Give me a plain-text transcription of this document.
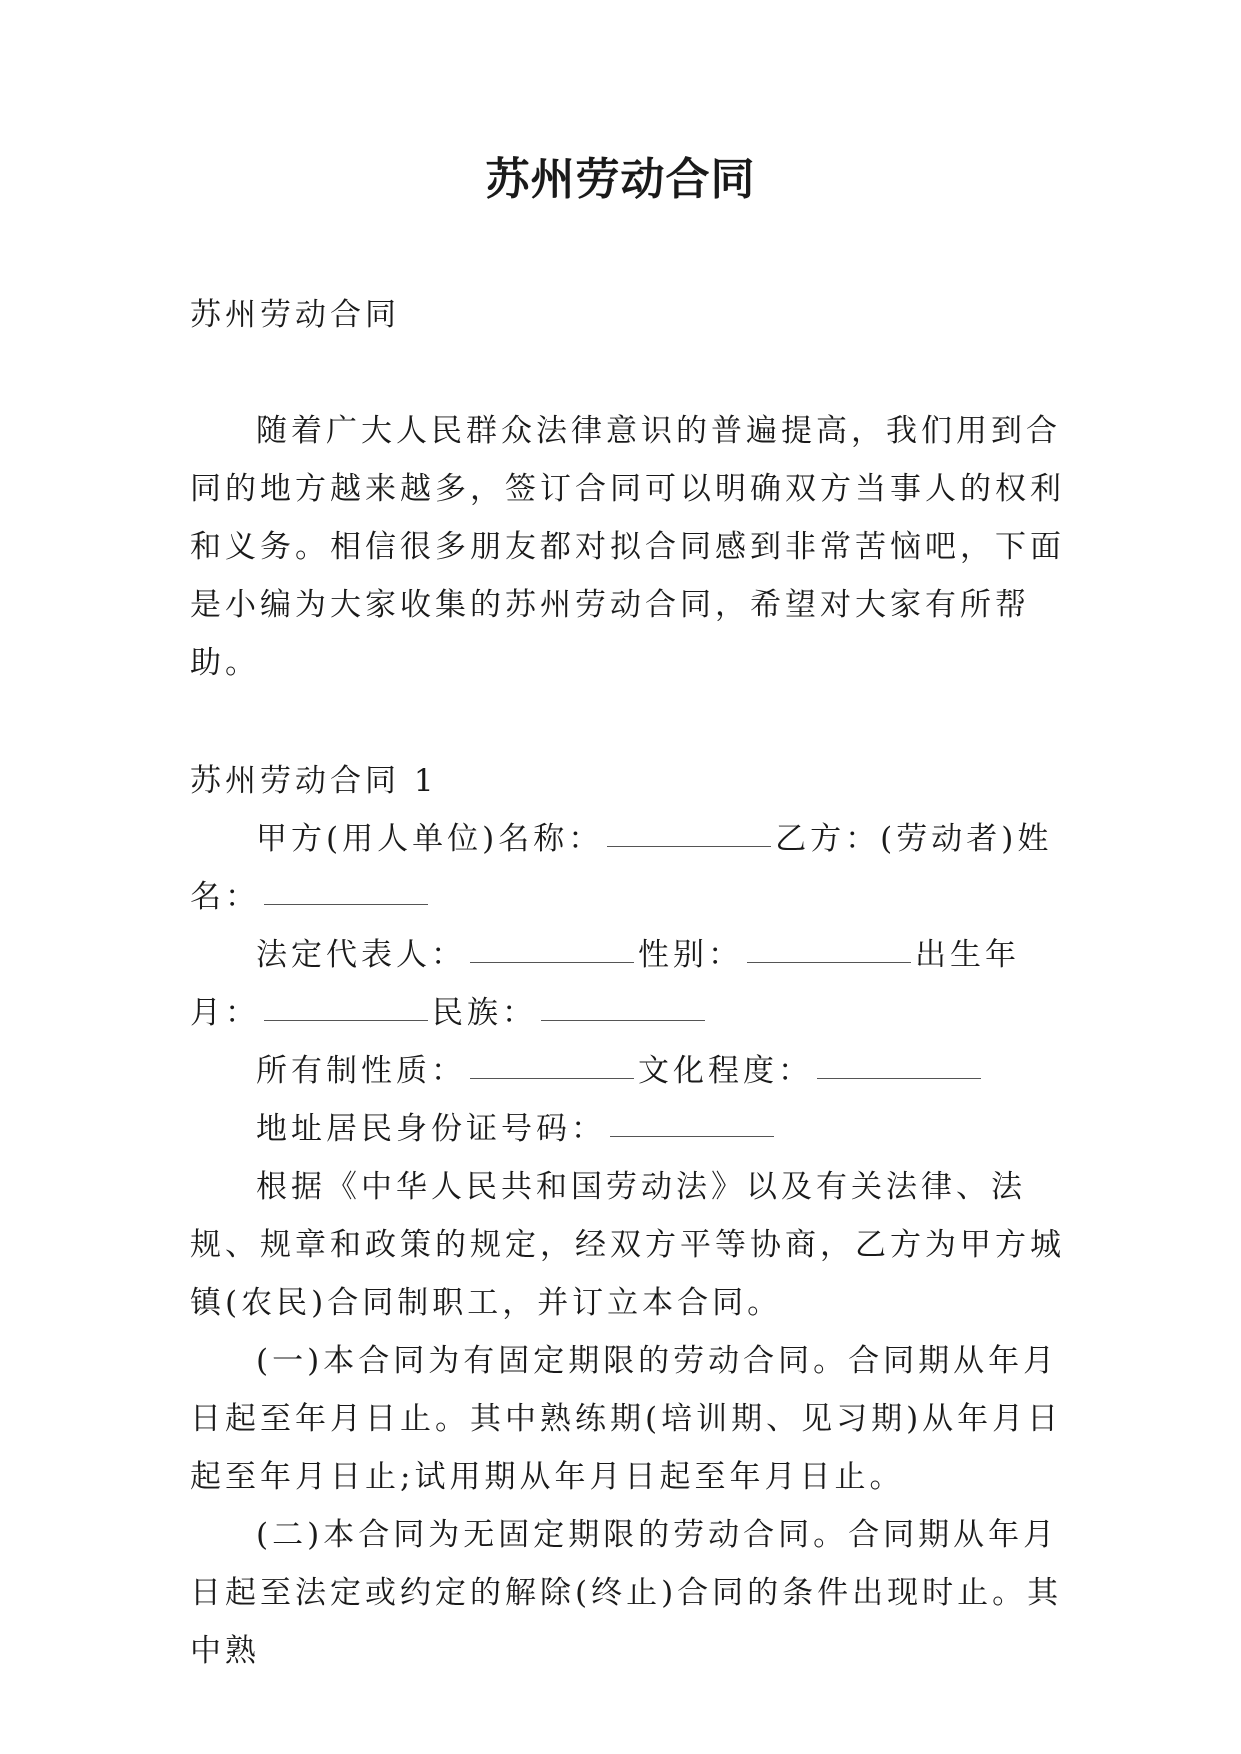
苏州劳动合同

苏州劳动合同

随着广大人民群众法律意识的普遍提高，我们用到合同的地方越来越多，签订合同可以明确双方当事人的权利和义务。相信很多朋友都对拟合同感到非常苦恼吧，下面是小编为大家收集的苏州劳动合同，希望对大家有所帮助。

苏州劳动合同 1

甲方(用人单位)名称：	乙方：(劳动者)姓名：

法定代表人：	性别：	出生年月：	民族：

所有制性质：	文化程度：

地址居民身份证号码：

根据《中华人民共和国劳动法》以及有关法律、法规、规章和政策的规定，经双方平等协商，乙方为甲方城镇(农民)合同制职工，并订立本合同。

(一)本合同为有固定期限的劳动合同。合同期从年月日起至年月日止。其中熟练期(培训期、见习期)从年月日起至年月日止;试用期从年月日起至年月日止。

(二)本合同为无固定期限的劳动合同。合同期从年月日起至法定或约定的解除(终止)合同的条件出现时止。其中熟
